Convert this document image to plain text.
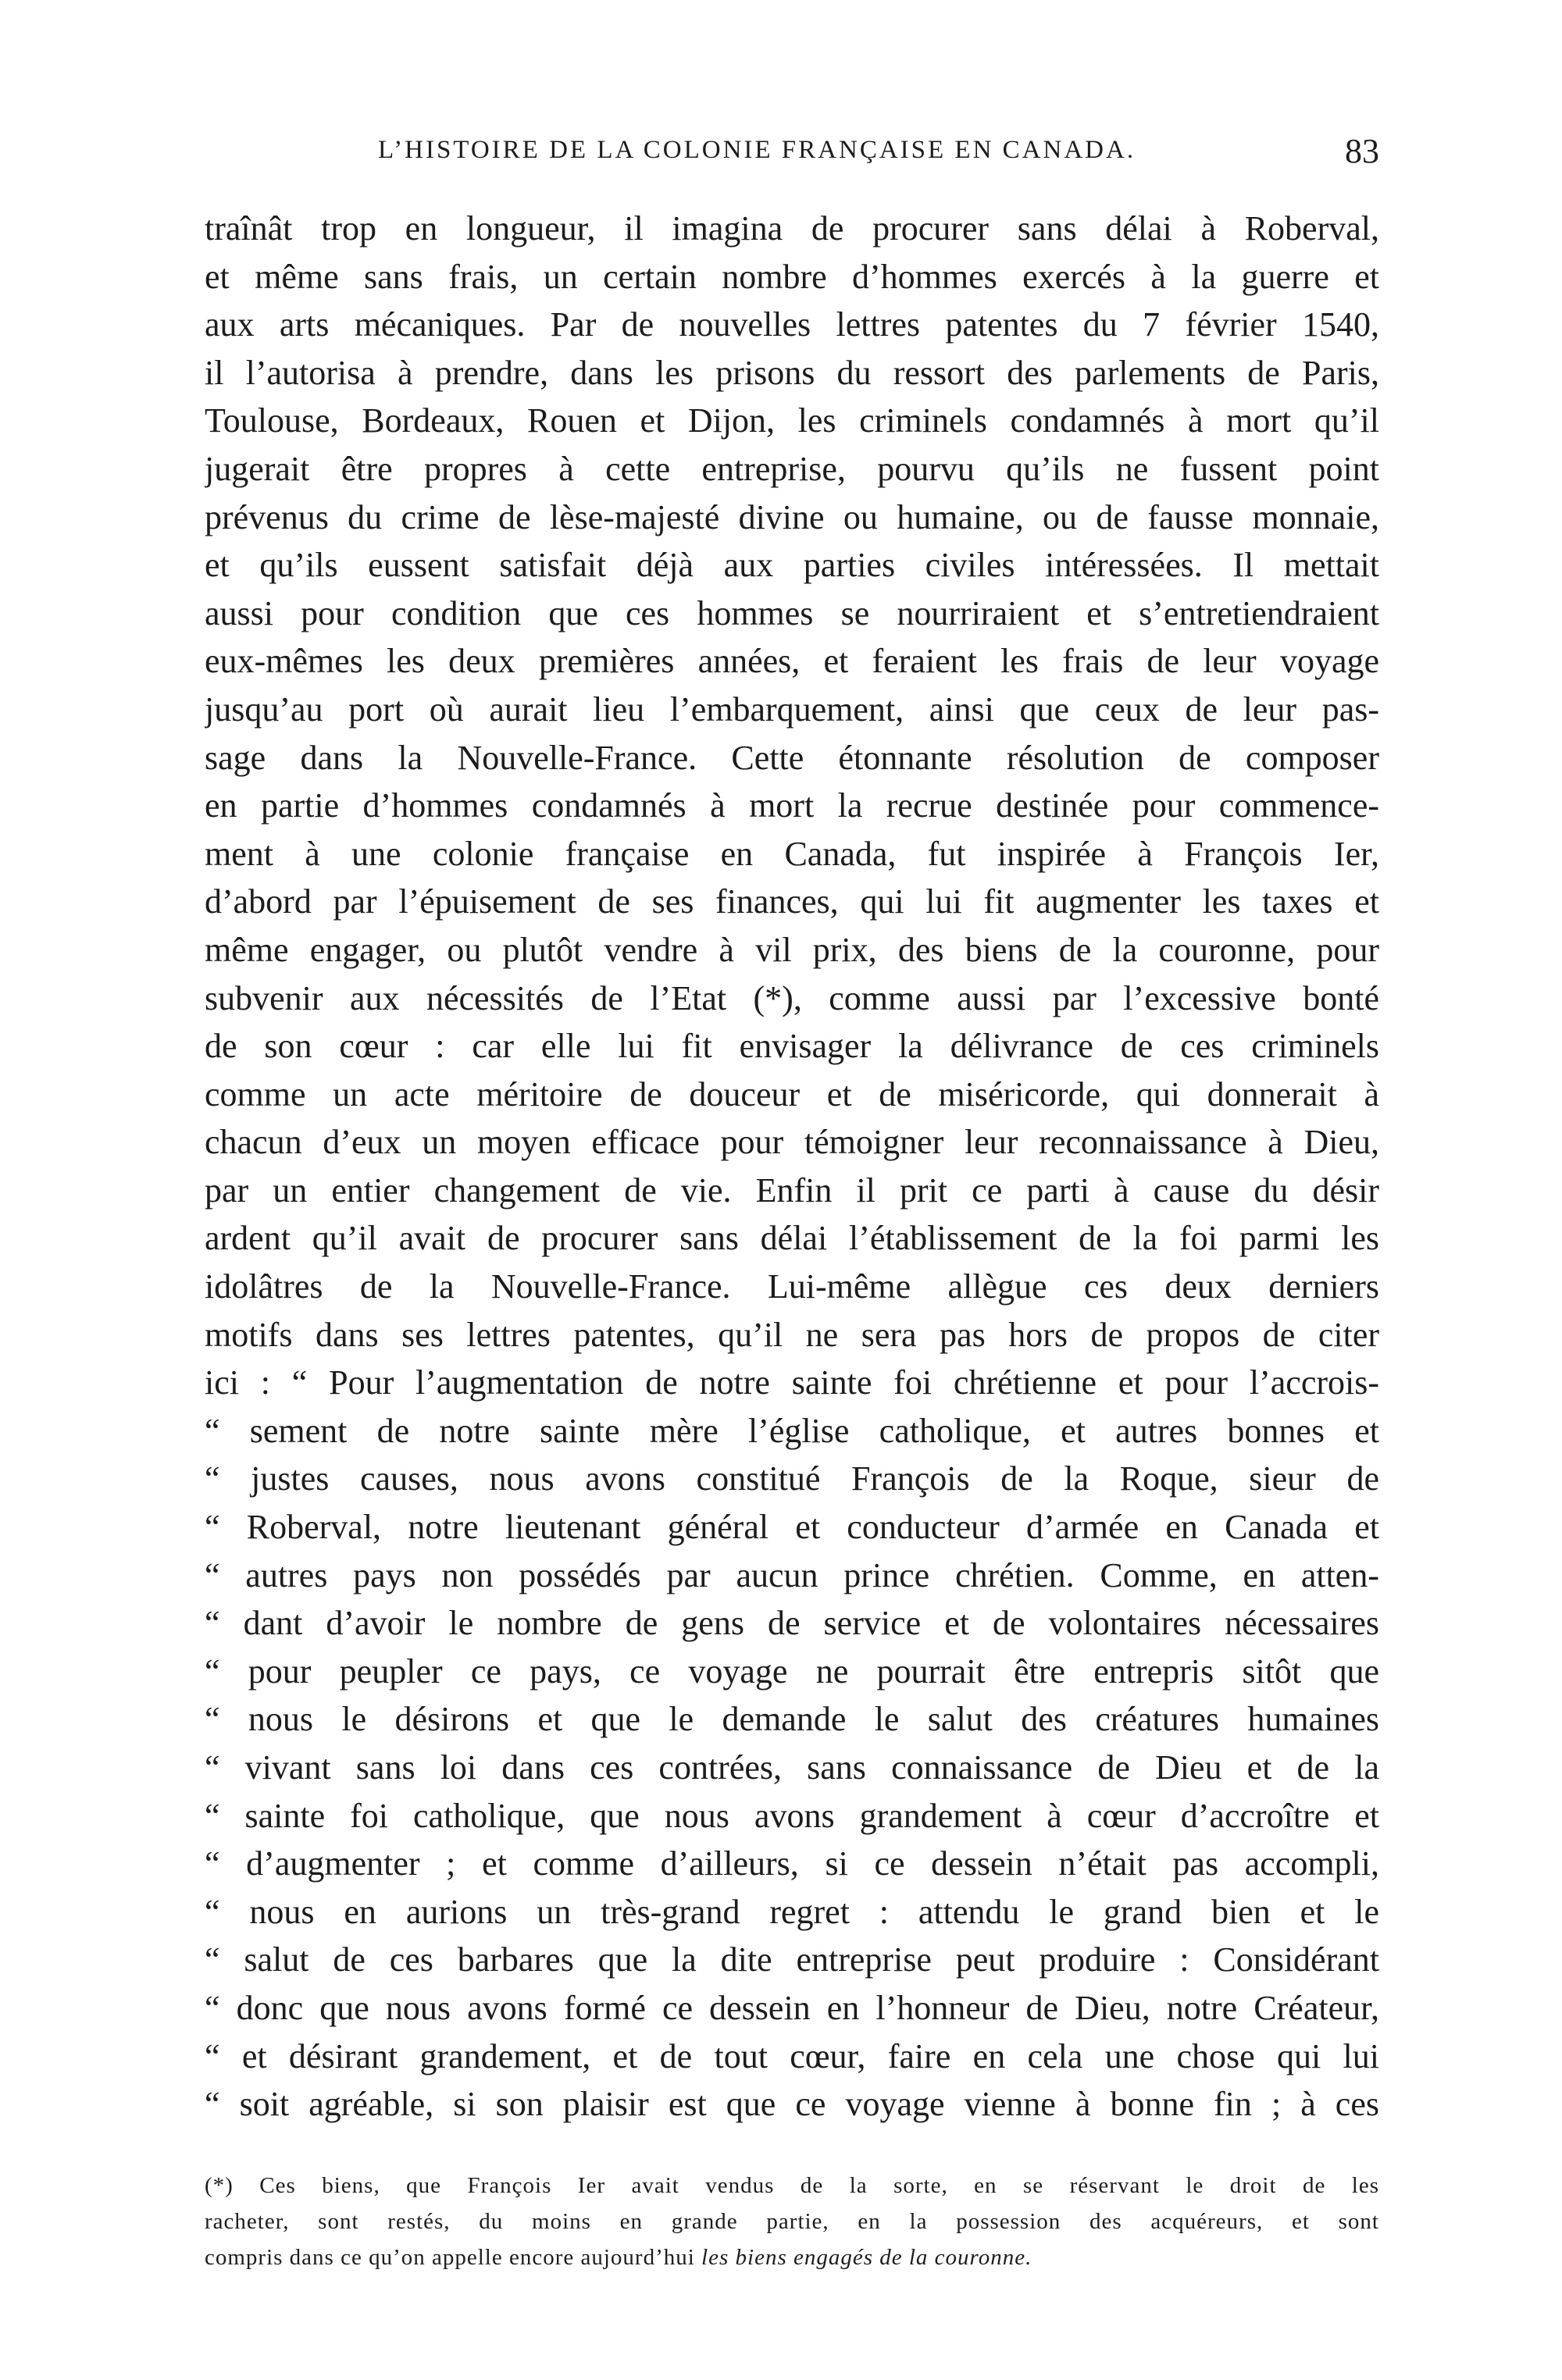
L’HISTOIRE DE LA COLONIE FRANÇAISE EN CANADA.	83
traînât trop en longueur, il imagina de procurer sans délai à Roberval,
et même sans frais, un certain nombre d’hommes exercés à la guerre et
aux arts mécaniques. Par de nouvelles lettres patentes du 7 février 1540,
il l’autorisa à prendre, dans les prisons du ressort des parlements de Paris,
Toulouse, Bordeaux, Rouen et Dijon, les criminels condamnés à mort qu’il
jugerait être propres à cette entreprise, pourvu qu’ils ne fussent point
prévenus du crime de lèse-majesté divine ou humaine, ou de fausse monnaie,
et qu’ils eussent satisfait déjà aux parties civiles intéressées. Il mettait
aussi pour condition que ces hommes se nourriraient et s’entretiendraient
eux-mêmes les deux premières années, et feraient les frais de leur voyage
jusqu’au port où aurait lieu l’embarquement, ainsi que ceux de leur pas-
sage dans la Nouvelle-France. Cette étonnante résolution de composer
en partie d’hommes condamnés à mort la recrue destinée pour commence-
ment à une colonie française en Canada, fut inspirée à François Ier,
d’abord par l’épuisement de ses finances, qui lui fit augmenter les taxes et
même engager, ou plutôt vendre à vil prix, des biens de la couronne, pour
subvenir aux nécessités de l’Etat (*), comme aussi par l’excessive bonté
de son cœur : car elle lui fit envisager la délivrance de ces criminels
comme un acte méritoire de douceur et de miséricorde, qui donnerait à
chacun d’eux un moyen efficace pour témoigner leur reconnaissance à Dieu,
par un entier changement de vie. Enfin il prit ce parti à cause du désir
ardent qu’il avait de procurer sans délai l’établissement de la foi parmi les
idolâtres de la Nouvelle-France. Lui-même allègue ces deux derniers
motifs dans ses lettres patentes, qu’il ne sera pas hors de propos de citer
ici : “ Pour l’augmentation de notre sainte foi chrétienne et pour l’accrois-
“ sement de notre sainte mère l’église catholique, et autres bonnes et
“ justes causes, nous avons constitué François de la Roque, sieur de
“ Roberval, notre lieutenant général et conducteur d’armée en Canada et
“ autres pays non possédés par aucun prince chrétien. Comme, en atten-
“ dant d’avoir le nombre de gens de service et de volontaires nécessaires
“ pour peupler ce pays, ce voyage ne pourrait être entrepris sitôt que
“ nous le désirons et que le demande le salut des créatures humaines
“ vivant sans loi dans ces contrées, sans connaissance de Dieu et de la
“ sainte foi catholique, que nous avons grandement à cœur d’accroître et
“ d’augmenter ; et comme d’ailleurs, si ce dessein n’était pas accompli,
“ nous en aurions un très-grand regret : attendu le grand bien et le
“ salut de ces barbares que la dite entreprise peut produire : Considérant
“ donc que nous avons formé ce dessein en l’honneur de Dieu, notre Créateur,
“ et désirant grandement, et de tout cœur, faire en cela une chose qui lui
“ soit agréable, si son plaisir est que ce voyage vienne à bonne fin ; à ces
(*) Ces biens, que François Ier avait vendus de la sorte, en se réservant le droit de les
racheter, sont restés, du moins en grande partie, en la possession des acquéreurs, et sont
compris dans ce qu’on appelle encore aujourd’hui les biens engagés de la couronne.
